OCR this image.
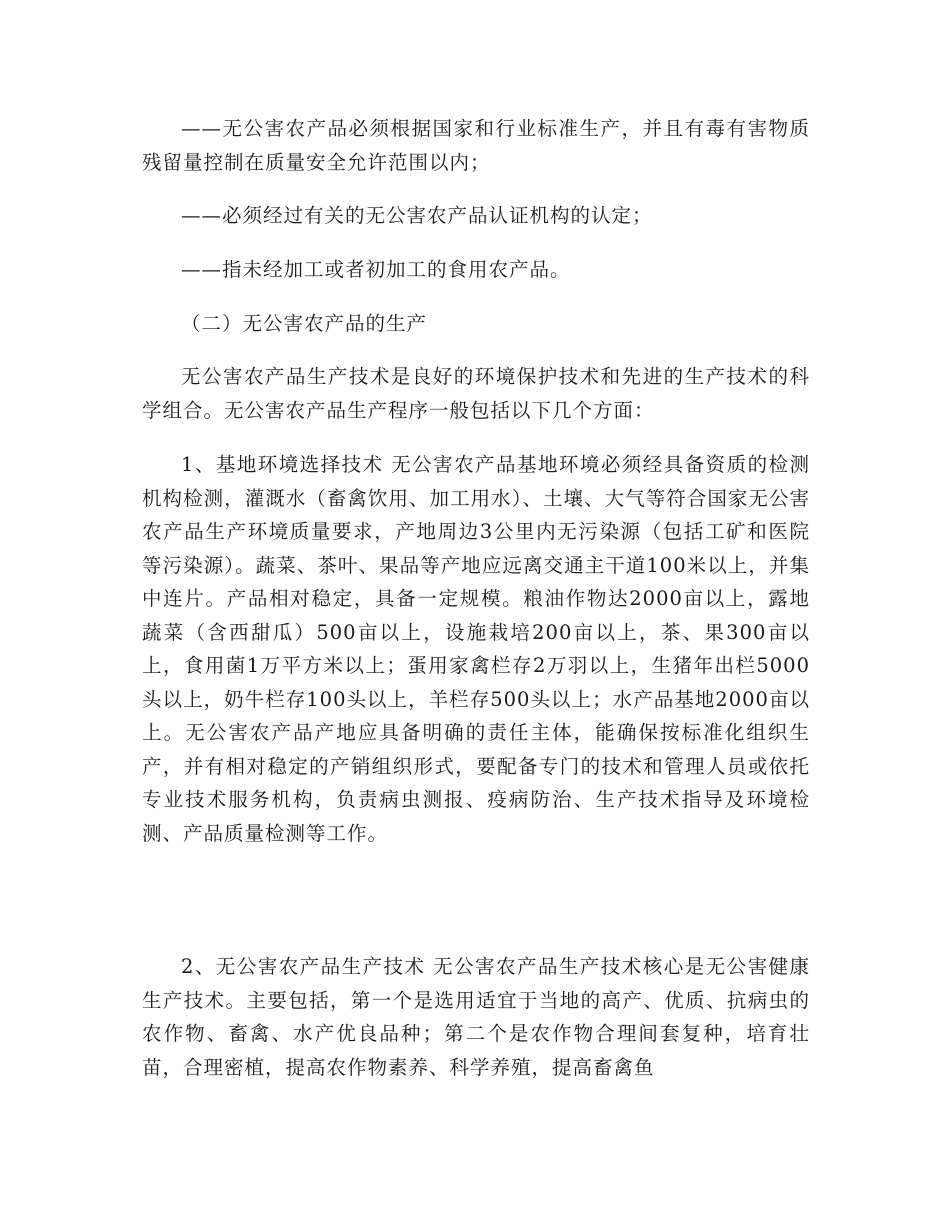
——无公害农产品必须根据国家和行业标准生产，并且有毒有害物质残留量控制在质量安全允许范围以内；

——必须经过有关的无公害农产品认证机构的认定；

——指未经加工或者初加工的食用农产品。

（二）无公害农产品的生产

无公害农产品生产技术是良好的环境保护技术和先进的生产技术的科学组合。无公害农产品生产程序一般包括以下几个方面：

1、基地环境选择技术 无公害农产品基地环境必须经具备资质的检测机构检测，灌溉水（畜禽饮用、加工用水）、土壤、大气等符合国家无公害农产品生产环境质量要求，产地周边3公里内无污染源（包括工矿和医院等污染源）。蔬菜、茶叶、果品等产地应远离交通主干道100米以上，并集中连片。产品相对稳定，具备一定规模。粮油作物达2000亩以上，露地蔬菜（含西甜瓜）500亩以上，设施栽培200亩以上，茶、果300亩以上，食用菌1万平方米以上；蛋用家禽栏存2万羽以上，生猪年出栏5000头以上，奶牛栏存100头以上，羊栏存500头以上；水产品基地2000亩以上。无公害农产品产地应具备明确的责任主体，能确保按标准化组织生产，并有相对稳定的产销组织形式，要配备专门的技术和管理人员或依托专业技术服务机构，负责病虫测报、疫病防治、生产技术指导及环境检测、产品质量检测等工作。

2、无公害农产品生产技术 无公害农产品生产技术核心是无公害健康生产技术。主要包括，第一个是选用适宜于当地的高产、优质、抗病虫的农作物、畜禽、水产优良品种；第二个是农作物合理间套复种，培育壮苗，合理密植，提高农作物素养、科学养殖，提高畜禽鱼
